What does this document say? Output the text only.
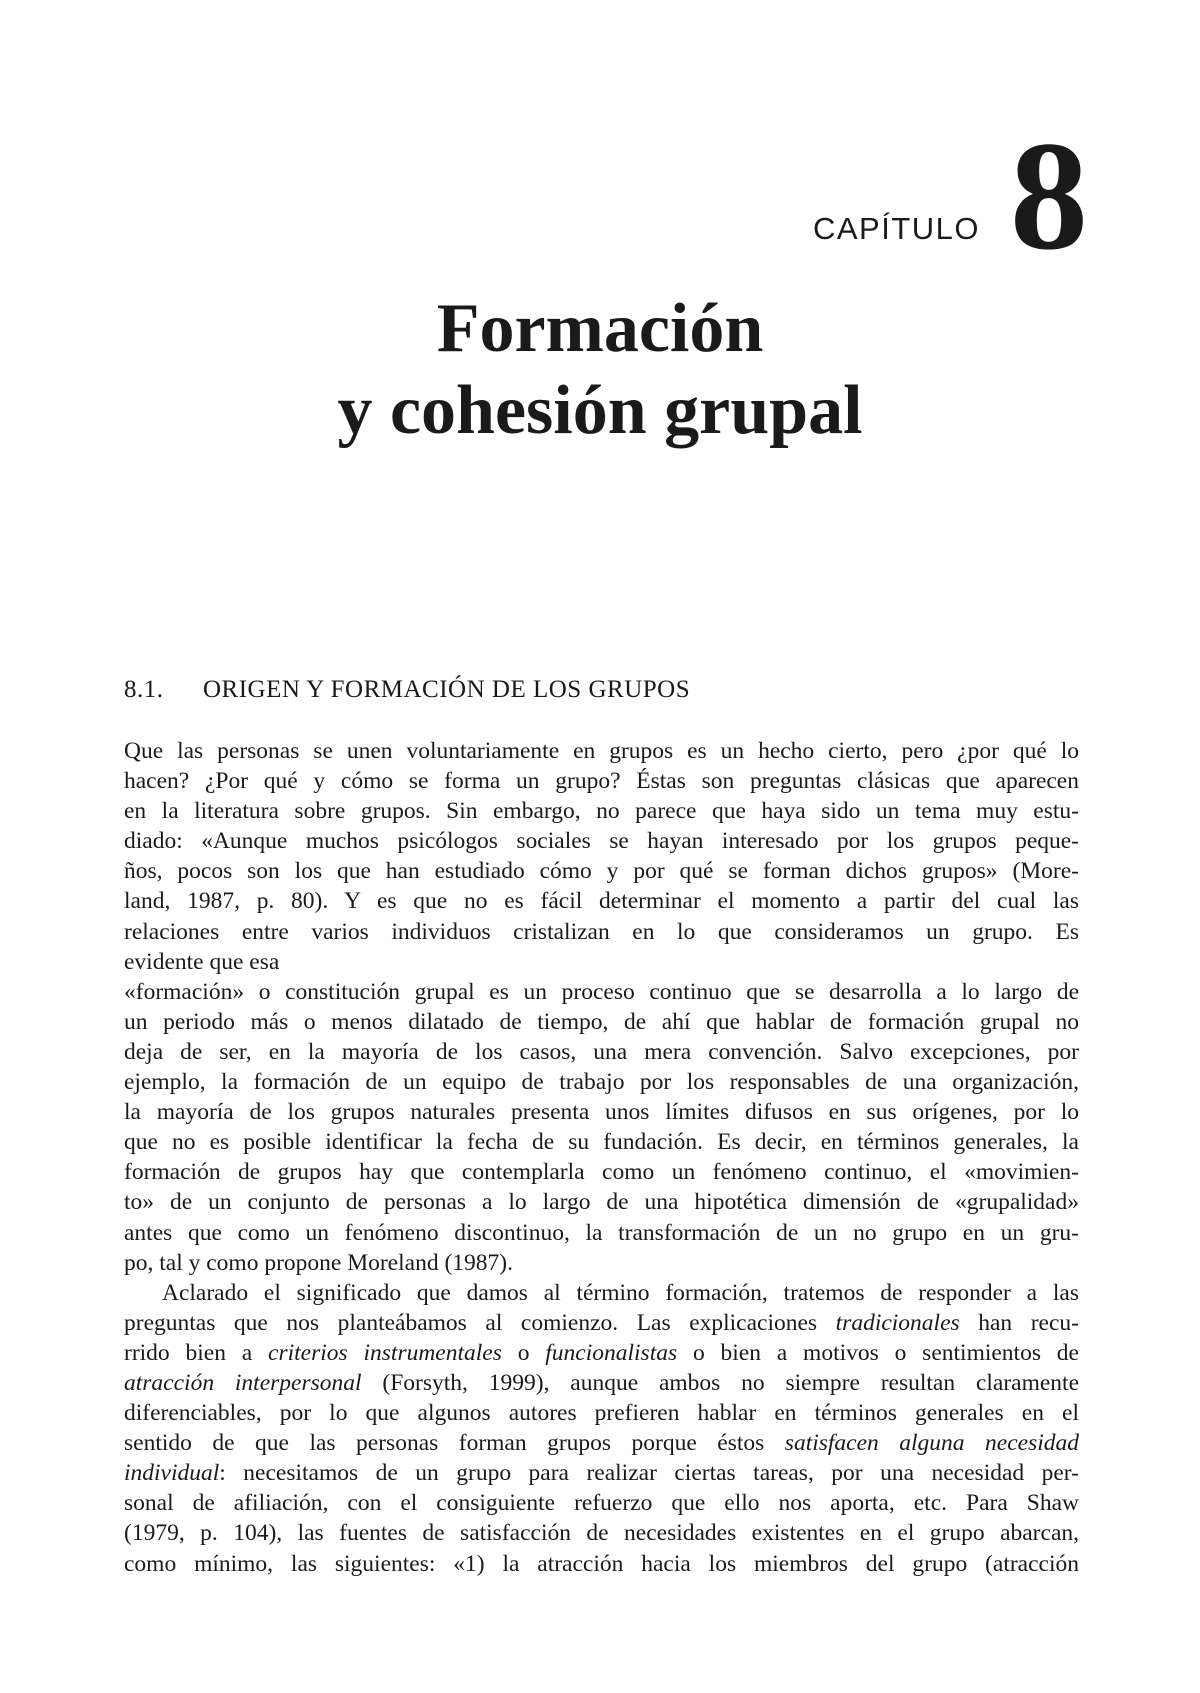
CAPÍTULO 8
Formación
y cohesión grupal
8.1. ORIGEN Y FORMACIÓN DE LOS GRUPOS
Que las personas se unen voluntariamente en grupos es un hecho cierto, pero ¿por qué lo
hacen? ¿Por qué y cómo se forma un grupo? Éstas son preguntas clásicas que aparecen
en la literatura sobre grupos. Sin embargo, no parece que haya sido un tema muy estu-
diado: «Aunque muchos psicólogos sociales se hayan interesado por los grupos peque-
ños, pocos son los que han estudiado cómo y por qué se forman dichos grupos» (More-
land, 1987, p. 80). Y es que no es fácil determinar el momento a partir del cual las
relaciones entre varios individuos cristalizan en lo que consideramos un grupo. Es
evidente que esa
«formación» o constitución grupal es un proceso continuo que se desarrolla a lo largo de
un periodo más o menos dilatado de tiempo, de ahí que hablar de formación grupal no
deja de ser, en la mayoría de los casos, una mera convención. Salvo excepciones, por
ejemplo, la formación de un equipo de trabajo por los responsables de una organización,
la mayoría de los grupos naturales presenta unos límites difusos en sus orígenes, por lo
que no es posible identificar la fecha de su fundación. Es decir, en términos generales, la
formación de grupos hay que contemplarla como un fenómeno continuo, el «movimien-
to» de un conjunto de personas a lo largo de una hipotética dimensión de «grupalidad»
antes que como un fenómeno discontinuo, la transformación de un no grupo en un gru-
po, tal y como propone Moreland (1987).
Aclarado el significado que damos al término formación, tratemos de responder a las
preguntas que nos planteábamos al comienzo. Las explicaciones tradicionales han recu-
rrido bien a criterios instrumentales o funcionalistas o bien a motivos o sentimientos de
atracción interpersonal (Forsyth, 1999), aunque ambos no siempre resultan claramente
diferenciables, por lo que algunos autores prefieren hablar en términos generales en el
sentido de que las personas forman grupos porque éstos satisfacen alguna necesidad
individual: necesitamos de un grupo para realizar ciertas tareas, por una necesidad per-
sonal de afiliación, con el consiguiente refuerzo que ello nos aporta, etc. Para Shaw
(1979, p. 104), las fuentes de satisfacción de necesidades existentes en el grupo abarcan,
como mínimo, las siguientes: «1) la atracción hacia los miembros del grupo (atracción
